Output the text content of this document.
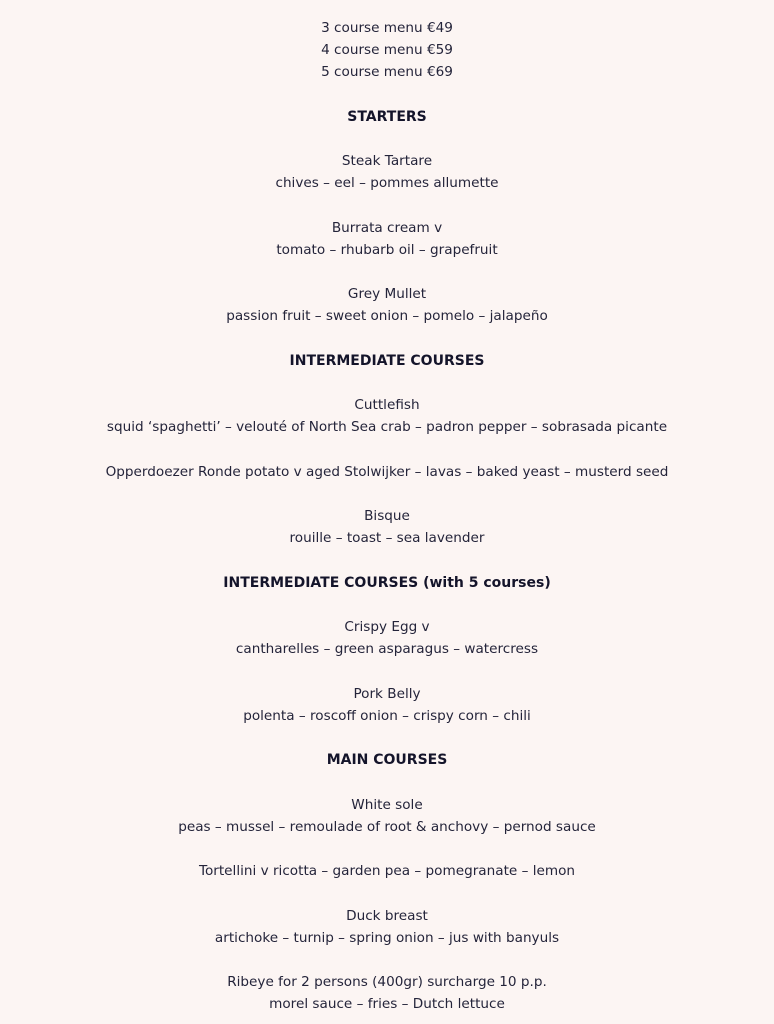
3 course menu €49
4 course menu €59
5 course menu €69
STARTERS
Steak Tartare
chives – eel – pommes allumette
Burrata cream v
tomato – rhubarb oil – grapefruit
Grey Mullet
passion fruit – sweet onion – pomelo – jalapeño
INTERMEDIATE COURSES
Cuttlefish
squid ‘spaghetti’ – velouté of North Sea crab – padron pepper – sobrasada picante
Opperdoezer Ronde potato v aged Stolwijker – lavas – baked yeast – musterd seed
Bisque
rouille – toast – sea lavender
INTERMEDIATE COURSES (with 5 courses)
Crispy Egg v
cantharelles – green asparagus – watercress
Pork Belly
polenta – roscoff onion – crispy corn – chili
MAIN COURSES
White sole
peas – mussel – remoulade of root & anchovy – pernod sauce
Tortellini v ricotta – garden pea – pomegranate – lemon
Duck breast
artichoke – turnip – spring onion – jus with banyuls
Ribeye for 2 persons (400gr) surcharge 10 p.p.
morel sauce – fries – Dutch lettuce
